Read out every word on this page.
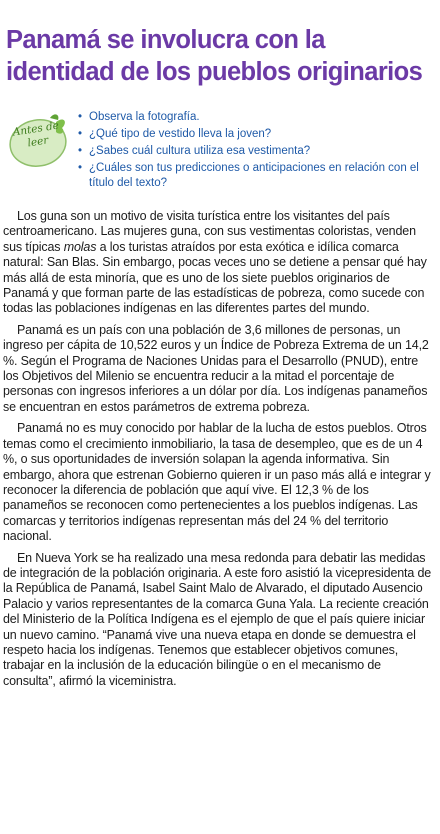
Panamá se involucra con la identidad de los pueblos originarios
Antes de leer
• Observa la fotografía.
• ¿Qué tipo de vestido lleva la joven?
• ¿Sabes cuál cultura utiliza esa vestimenta?
• ¿Cuáles son tus predicciones o anticipaciones en relación con el título del texto?

Los guna son un motivo de visita turística entre los visitantes del país centroamericano. Las mujeres guna, con sus vestimentas coloristas, venden sus típicas molas a los turistas atraídos por esta exótica e idílica comarca natural: San Blas. Sin embargo, pocas veces uno se detiene a pensar qué hay más allá de esta minoría, que es uno de los siete pueblos originarios de Panamá y que forman parte de las estadísticas de pobreza, como sucede con todas las poblaciones indígenas en las diferentes partes del mundo.

Panamá es un país con una población de 3,6 millones de personas, un ingreso per cápita de 10,522 euros y un Índice de Pobreza Extrema de un 14,2 %. Según el Programa de Naciones Unidas para el Desarrollo (PNUD), entre los Objetivos del Milenio se encuentra reducir a la mitad el porcentaje de personas con ingresos inferiores a un dólar por día. Los indígenas panameños se encuentran en estos parámetros de extrema pobreza.

Panamá no es muy conocido por hablar de la lucha de estos pueblos. Otros temas como el crecimiento inmobiliario, la tasa de desempleo, que es de un 4 %, o sus oportunidades de inversión solapan la agenda informativa. Sin embargo, ahora que estrenan Gobierno quieren ir un paso más allá e integrar y reconocer la diferencia de población que aquí vive. El 12,3 % de los panameños se reconocen como pertenecientes a los pueblos indígenas. Las comarcas y territorios indígenas representan más del 24 % del territorio nacional.

En Nueva York se ha realizado una mesa redonda para debatir las medidas de integración de la población originaria. A este foro asistió la vicepresidenta de la República de Panamá, Isabel Saint Malo de Alvarado, el diputado Ausencio Palacio y varios representantes de la comarca Guna Yala. La reciente creación del Ministerio de la Política Indígena es el ejemplo de que el país quiere iniciar un nuevo camino. “Panamá vive una nueva etapa en donde se demuestra el respeto hacia los indígenas. Tenemos que establecer objetivos comunes, trabajar en la inclusión de la educación bilingüe o en el mecanismo de consulta”, afirmó la viceministra.
